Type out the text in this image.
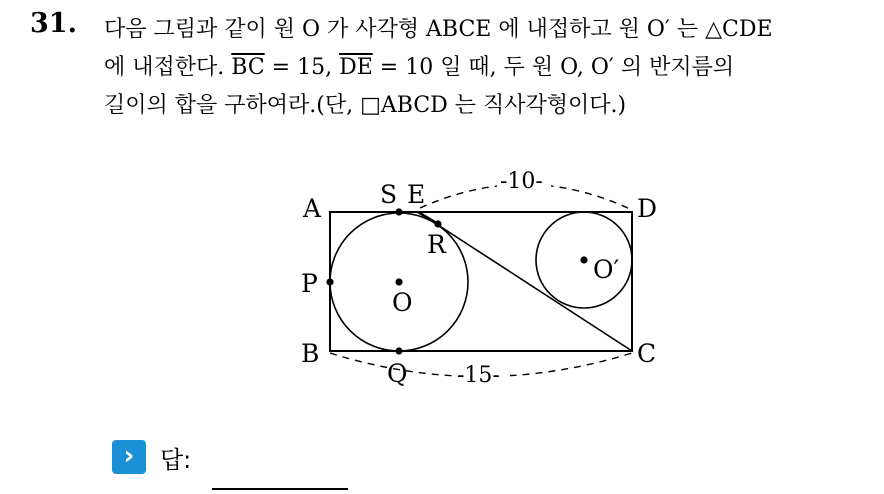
31. 다음 그림과 같이 원 O 가 사각형 ABCE 에 내접하고 원 O′ 는 △CDE
에 내접한다. $\overline{BC} = 15$, $\overline{DE} = 10$ 일 때, 두 원 O, O′ 의 반지름의
길이의 합을 구하여라.(단, □ABCD 는 직사각형이다.)
A S E	D
R
P
O
O′
B	C
Q
-10-
-15-
›	답:
